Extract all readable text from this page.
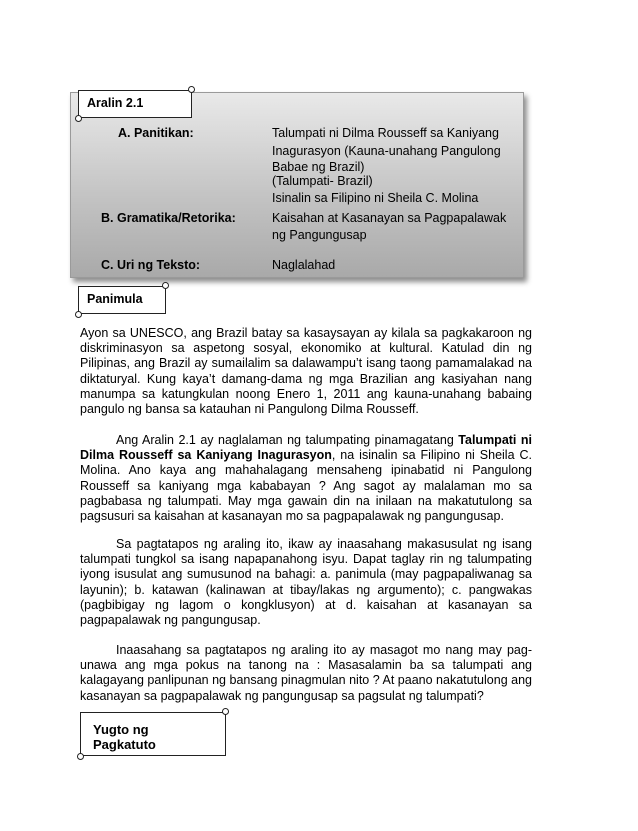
Aralin 2.1
A. Panitikan:	Talumpati ni Dilma Rousseff sa Kaniyang
Inagurasyon (Kauna-unahang Pangulong
Babae ng Brazil)
(Talumpati- Brazil)
Isinalin sa Filipino ni Sheila C. Molina
B. Gramatika/Retorika:	Kaisahan at Kasanayan sa Pagpapalawak
ng Pangungusap
C. Uri ng Teksto:	Naglalahad
Panimula

Ayon sa UNESCO, ang Brazil batay sa kasaysayan ay kilala sa pagkakaroon ng diskriminasyon sa aspetong sosyal, ekonomiko at kultural. Katulad din ng Pilipinas, ang Brazil ay sumailalim sa dalawampu’t isang taong pamamalakad na diktaturyal. Kung kaya’t damang-dama ng mga Brazilian ang kasiyahan nang manumpa sa katungkulan noong Enero 1, 2011 ang kauna-unahang babaing pangulo ng bansa sa katauhan ni Pangulong Dilma Rousseff.

Ang Aralin 2.1 ay naglalaman ng talumpating pinamagatang Talumpati ni Dilma Rousseff sa Kaniyang Inagurasyon, na isinalin sa Filipino ni Sheila C. Molina. Ano kaya ang mahahalagang mensaheng ipinabatid ni Pangulong Rousseff sa kaniyang mga kababayan ? Ang sagot ay malalaman mo sa pagbabasa ng talumpati. May mga gawain din na inilaan na makatutulong sa pagsusuri sa kaisahan at kasanayan mo sa pagpapalawak ng pangungusap.

Sa pagtatapos ng araling ito, ikaw ay inaasahang makasusulat ng isang talumpati tungkol sa isang napapanahong isyu. Dapat taglay rin ng talumpating iyong isusulat ang sumusunod na bahagi: a. panimula (may pagpapaliwanag sa layunin); b. katawan (kalinawan at tibay/lakas ng argumento); c. pangwakas (pagbibigay ng lagom o kongklusyon) at d. kaisahan at kasanayan sa pagpapalawak ng pangungusap.

Inaasahang sa pagtatapos ng araling ito ay masagot mo nang may pag-unawa ang mga pokus na tanong na : Masasalamin ba sa talumpati ang kalagayang panlipunan ng bansang pinagmulan nito ? At paano nakatutulong ang kasanayan sa pagpapalawak ng pangungusap sa pagsulat ng talumpati?

Yugto ng Pagkatuto
